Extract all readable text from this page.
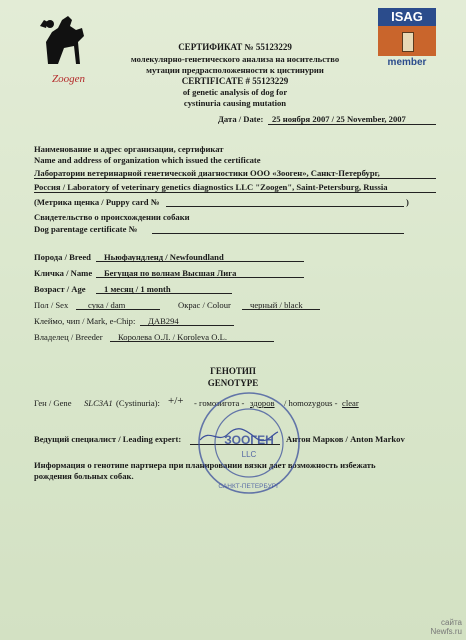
Zoogen
ISAG
member
СЕРТИФИКАТ № 55123229
молекулярно-генетического анализа на носительство
мутации предрасположенности к цистинурии
CERTIFICATE # 55123229
of genetic analysis of dog for
cystinuria causing mutation
Дата / Date: 25 ноября 2007 / 25 November, 2007
Наименование и адрес организации, сертификат
Name and address of organization which issued the certificate
Лаборатории ветеринарной генетической диагностики ООО «Зооген», Санкт-Петербург,
Россия / Laboratory of veterinary genetics diagnostics LLC "Zoogen", Saint-Petersburg, Russia
(Метрика щенка / Puppy card №	)
Свидетельство о происхождении собаки
Dog parentage certificate №
Порода / Breed Ньюфаундленд / Newfoundland
Кличка / Name Бегущая по волнам Высшая Лига
Возраст / Age 1 месяц / 1 month
Пол / Sex сука / dam	Окрас / Colour черный / black
Клеймо, чип / Mark, e-Chip: ДАВ294
Владелец / Breeder Королева О.Л. / Koroleva O.L.
ГЕНОТИП
GENOTYPE
Ген / Gene SLC3A1 (Cystinuria): +/+ - гомозигота - здоров / homozygous - clear
Ведущий специалист / Leading expert:	Антон Марков / Anton Markov
Информация о генотипе партнера при планировании вязки дает возможность избежать
рождения больных собак.
ЗООГЕН
LLC
САНКТ-ПЕТЕРБУРГ
сайта
Newfs.ru
